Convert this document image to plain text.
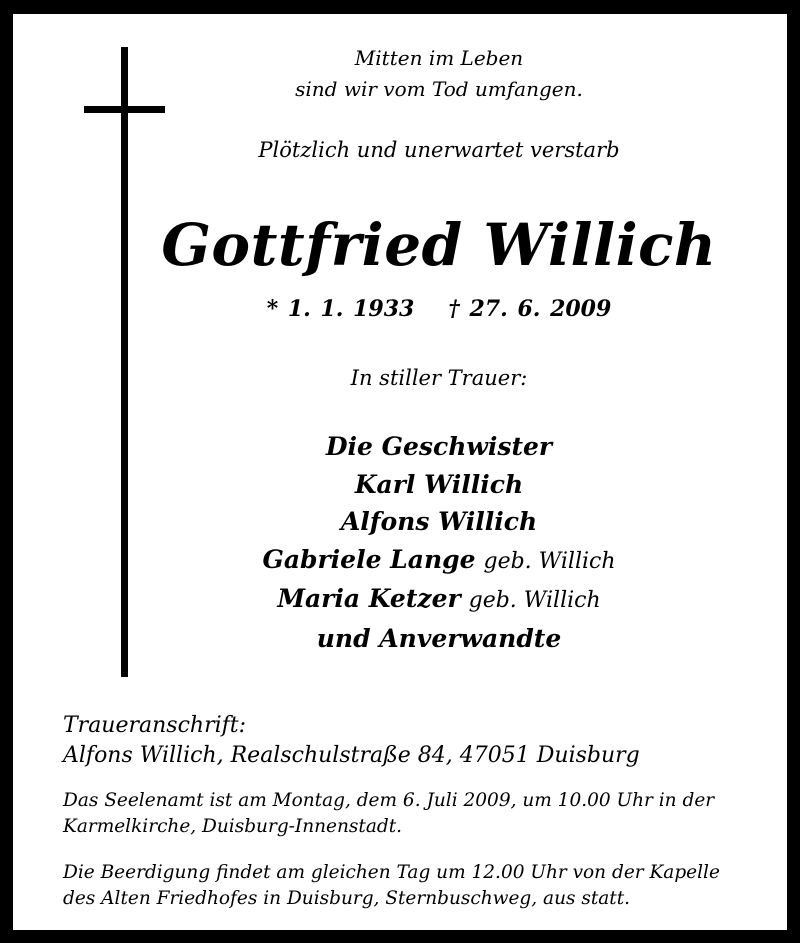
Mitten im Leben
sind wir vom Tod umfangen.
Plötzlich und unerwartet verstarb
Gottfried Willich
* 1. 1. 1933 † 27. 6. 2009
In stiller Trauer:
Die Geschwister
Karl Willich
Alfons Willich
Gabriele Lange geb. Willich
Maria Ketzer geb. Willich
und Anverwandte
Traueranschrift:
Alfons Willich, Realschulstraße 84, 47051 Duisburg
Das Seelenamt ist am Montag, dem 6. Juli 2009, um 10.00 Uhr in der
Karmelkirche, Duisburg-Innenstadt.
Die Beerdigung findet am gleichen Tag um 12.00 Uhr von der Kapelle
des Alten Friedhofes in Duisburg, Sternbuschweg, aus statt.
